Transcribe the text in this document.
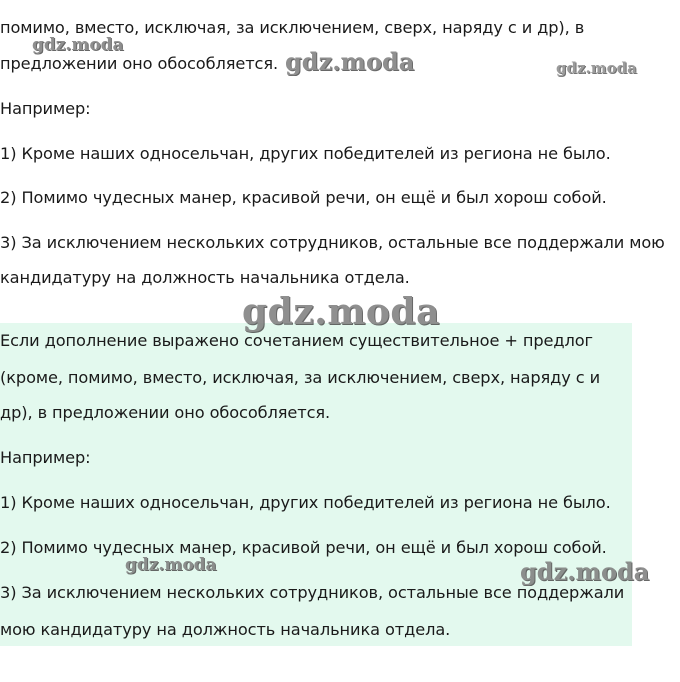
помимо, вместо, исключая, за исключением, сверх, наряду с и др), в

предложении оно обособляется.

Например:

1) Кроме наших односельчан, других победителей из региона не было.

2) Помимо чудесных манер, красивой речи, он ещё и был хорош собой.

3) За исключением нескольких сотрудников, остальные все поддержали мою

кандидатуру на должность начальника отдела.

Если дополнение выражено сочетанием существительное + предлог

(кроме, помимо, вместо, исключая, за исключением, сверх, наряду с и

др), в предложении оно обособляется.

Например:

1) Кроме наших односельчан, других победителей из региона не было.

2) Помимо чудесных манер, красивой речи, он ещё и был хорош собой.

3) За исключением нескольких сотрудников, остальные все поддержали

мою кандидатуру на должность начальника отдела.

gdz.moda
gdz.moda	gdz.moda
gdz.moda
gdz.moda	gdz.moda
